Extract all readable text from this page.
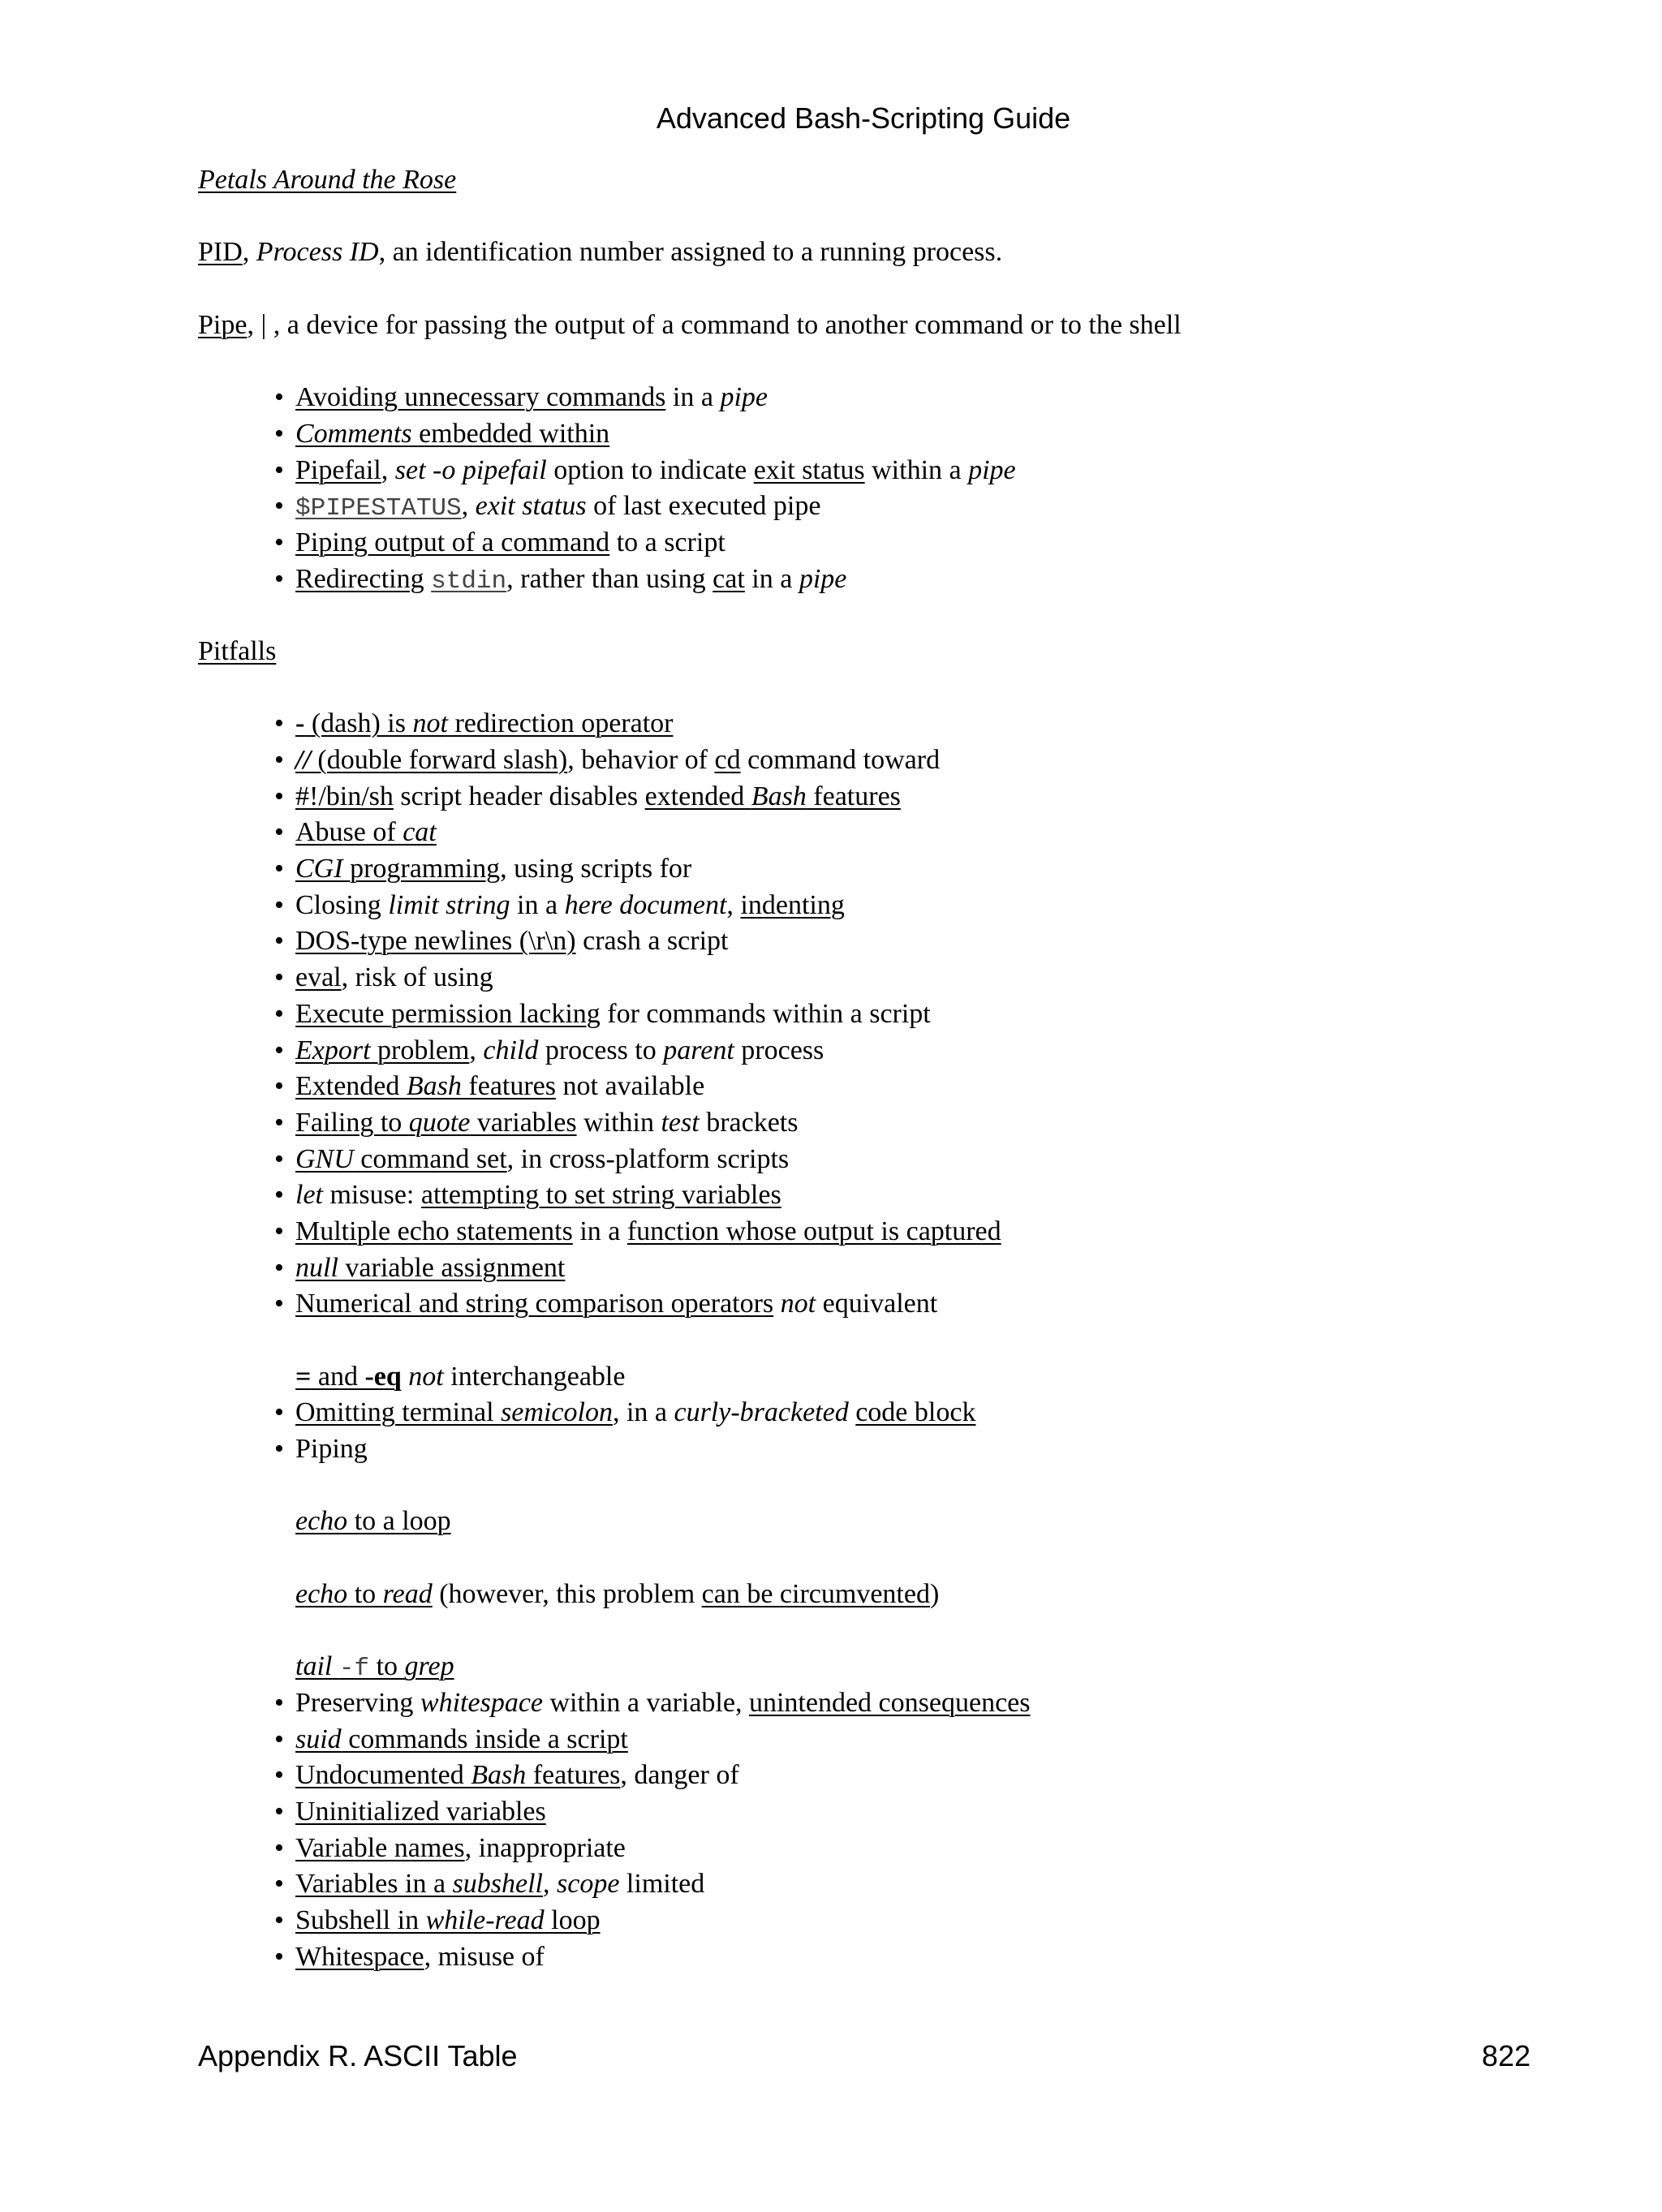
Advanced Bash-Scripting Guide
Petals Around the Rose
PID, Process ID, an identification number assigned to a running process.
Pipe, | , a device for passing the output of a command to another command or to the shell
• Avoiding unnecessary commands in a pipe
• Comments embedded within
• Pipefail, set -o pipefail option to indicate exit status within a pipe
• $PIPESTATUS, exit status of last executed pipe
• Piping output of a command to a script
• Redirecting stdin, rather than using cat in a pipe
Pitfalls
• - (dash) is not redirection operator
• // (double forward slash), behavior of cd command toward
• #!/bin/sh script header disables extended Bash features
• Abuse of cat
• CGI programming, using scripts for
• Closing limit string in a here document, indenting
• DOS-type newlines (\r\n) crash a script
• eval, risk of using
• Execute permission lacking for commands within a script
• Export problem, child process to parent process
• Extended Bash features not available
• Failing to quote variables within test brackets
• GNU command set, in cross-platform scripts
• let misuse: attempting to set string variables
• Multiple echo statements in a function whose output is captured
• null variable assignment
• Numerical and string comparison operators not equivalent
= and -eq not interchangeable
• Omitting terminal semicolon, in a curly-bracketed code block
• Piping
echo to a loop
echo to read (however, this problem can be circumvented)
tail -f to grep
• Preserving whitespace within a variable, unintended consequences
• suid commands inside a script
• Undocumented Bash features, danger of
• Uninitialized variables
• Variable names, inappropriate
• Variables in a subshell, scope limited
• Subshell in while-read loop
• Whitespace, misuse of
Appendix R. ASCII Table	822
